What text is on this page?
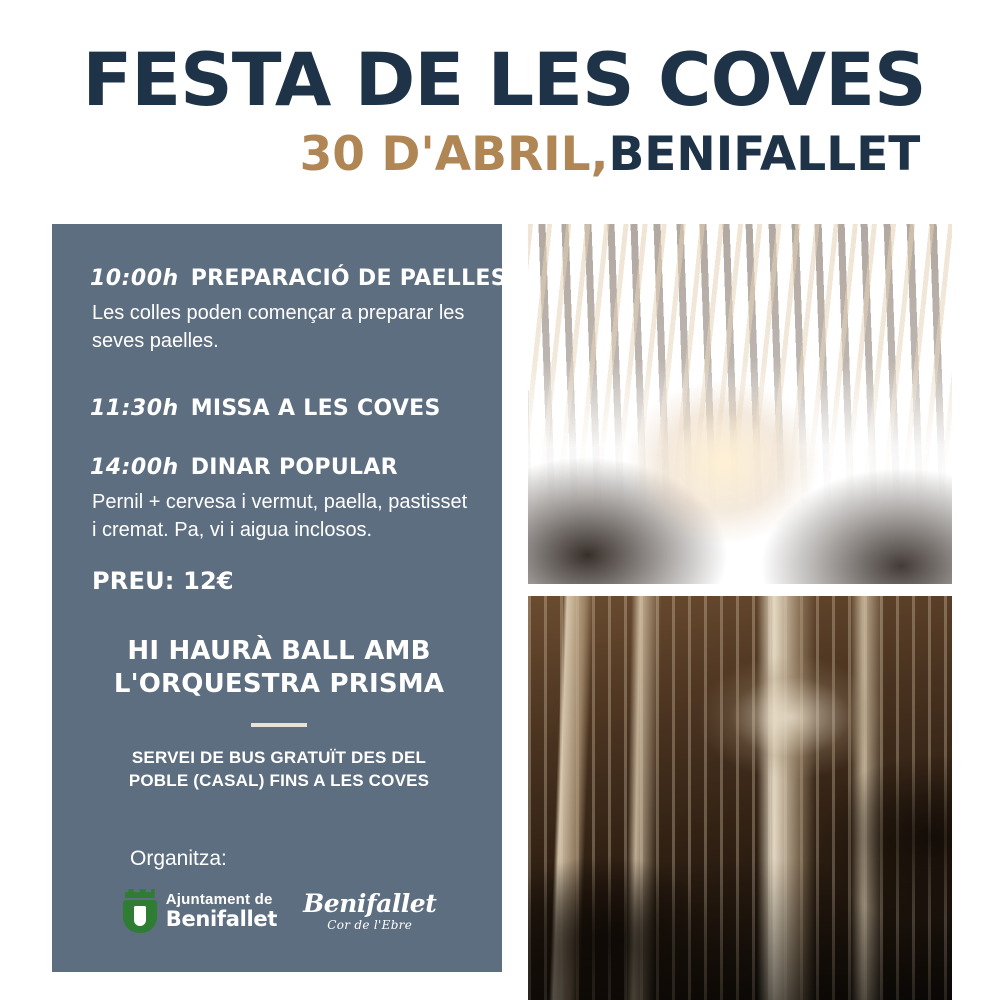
FESTA DE LES COVES
30 D'ABRIL,BENIFALLET
10:00h PREPARACIÓ DE PAELLES

Les colles poden començar a preparar les seves paelles.

11:30h MISSA A LES COVES
14:00h DINAR POPULAR

Pernil + cervesa i vermut, paella, pastisset i cremat. Pa, vi i aigua inclosos.

PREU: 12€
HI HAURÀ BALL AMB
L'ORQUESTRA PRISMA
SERVEI DE BUS GRATUÏT DES DEL
POBLE (CASAL) FINS A LES COVES
Organitza:
Ajuntament de
Benifallet
Benifallet
Cor de l'Ebre
